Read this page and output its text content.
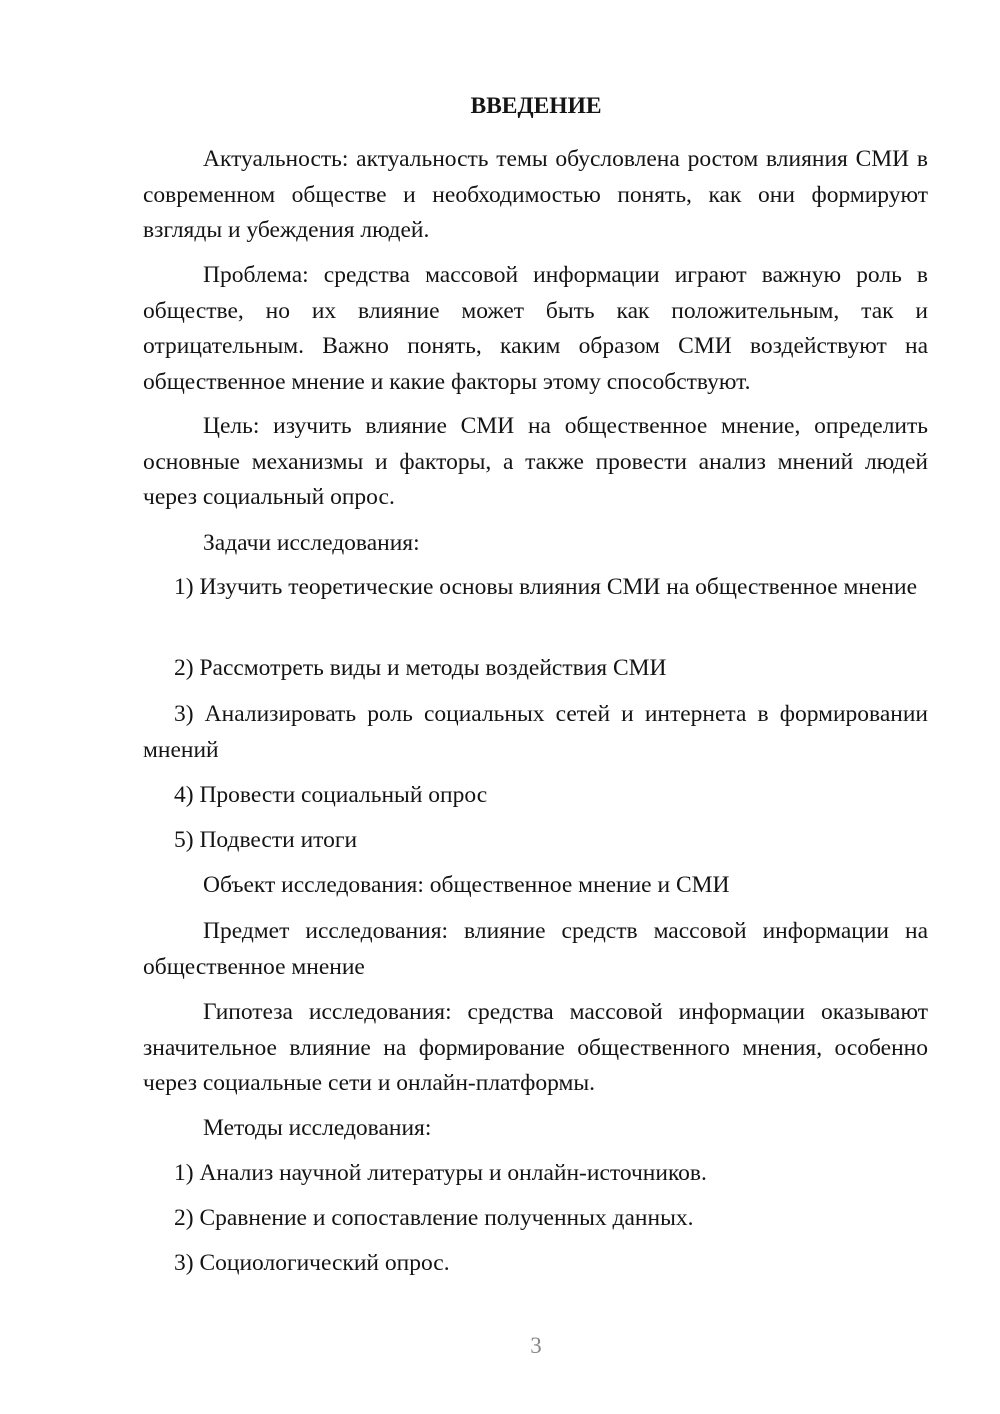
ВВЕДЕНИЕ

Актуальность: актуальность темы обусловлена ростом влияния СМИ в современном обществе и необходимостью понять, как они формируют взгляды и убеждения людей.

Проблема: средства массовой информации играют важную роль в обществе, но их влияние может быть как положительным, так и отрицательным. Важно понять, каким образом СМИ воздействуют на общественное мнение и какие факторы этому способствуют.

Цель: изучить влияние СМИ на общественное мнение, определить основные механизмы и факторы, а также провести анализ мнений людей через социальный опрос.

Задачи исследования:

1) Изучить теоретические основы влияния СМИ на общественное мнение

2) Рассмотреть виды и методы воздействия СМИ

3) Анализировать роль социальных сетей и интернета в формировании мнений

4) Провести социальный опрос

5) Подвести итоги

Объект исследования: общественное мнение и СМИ

Предмет исследования: влияние средств массовой информации на общественное мнение

Гипотеза исследования: средства массовой информации оказывают значительное влияние на формирование общественного мнения, особенно через социальные сети и онлайн-платформы.

Методы исследования:

1) Анализ научной литературы и онлайн-источников.

2) Сравнение и сопоставление полученных данных.

3) Социологический опрос.

3
